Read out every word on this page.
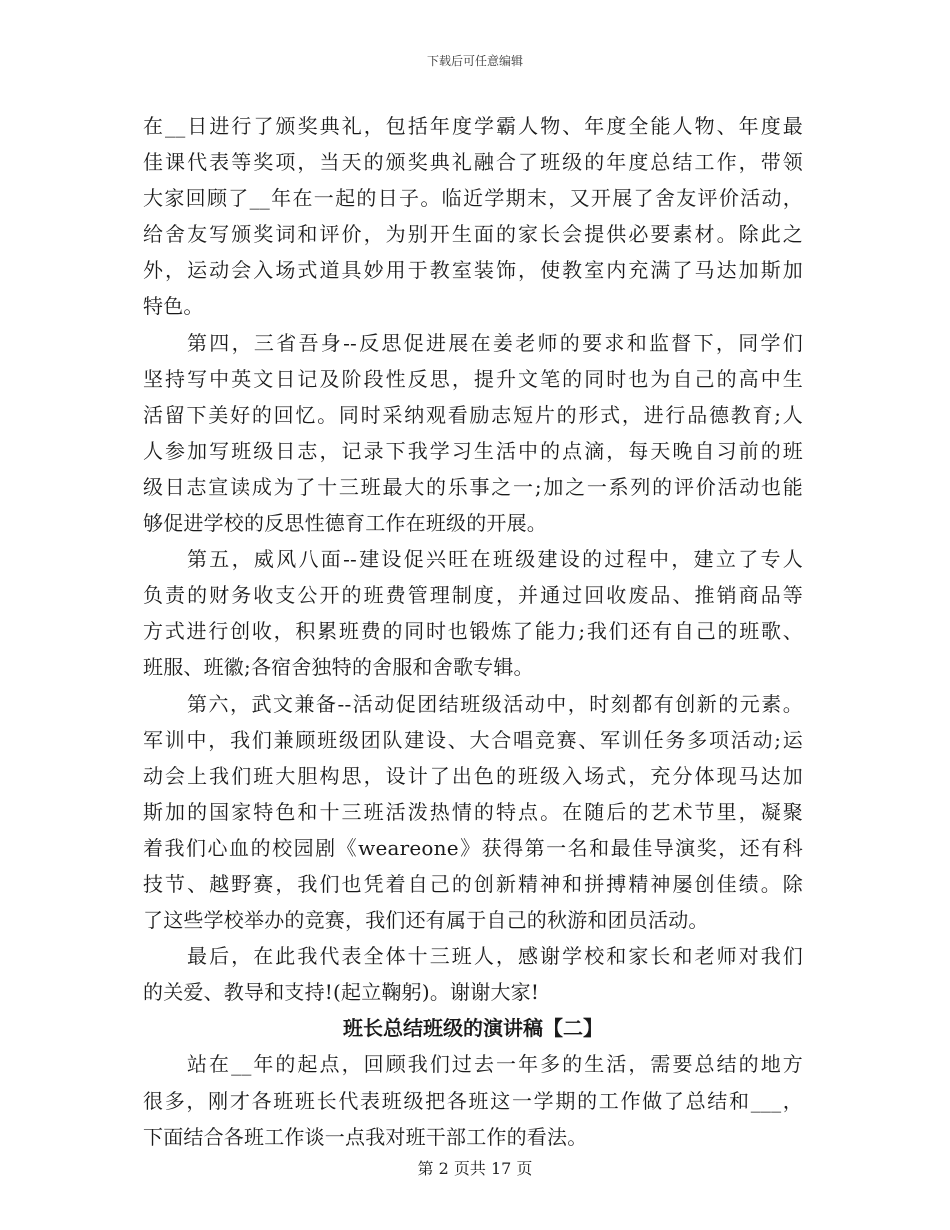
下载后可任意编辑
在__日进行了颁奖典礼，包括年度学霸人物、年度全能人物、年度最
佳课代表等奖项，当天的颁奖典礼融合了班级的年度总结工作，带领
大家回顾了__年在一起的日子。临近学期末，又开展了舍友评价活动，
给舍友写颁奖词和评价，为别开生面的家长会提供必要素材。除此之
外，运动会入场式道具妙用于教室装饰，使教室内充满了马达加斯加
特色。
第四，三省吾身--反思促进展在姜老师的要求和监督下，同学们
坚持写中英文日记及阶段性反思，提升文笔的同时也为自己的高中生
活留下美好的回忆。同时采纳观看励志短片的形式，进行品德教育;人
人参加写班级日志，记录下我学习生活中的点滴，每天晚自习前的班
级日志宣读成为了十三班最大的乐事之一;加之一系列的评价活动也能
够促进学校的反思性德育工作在班级的开展。
第五，威风八面--建设促兴旺在班级建设的过程中，建立了专人
负责的财务收支公开的班费管理制度，并通过回收废品、推销商品等
方式进行创收，积累班费的同时也锻炼了能力;我们还有自己的班歌、
班服、班徽;各宿舍独特的舍服和舍歌专辑。
第六，武文兼备--活动促团结班级活动中，时刻都有创新的元素。
军训中，我们兼顾班级团队建设、大合唱竞赛、军训任务多项活动;运
动会上我们班大胆构思，设计了出色的班级入场式，充分体现马达加
斯加的国家特色和十三班活泼热情的特点。在随后的艺术节里，凝聚
着我们心血的校园剧《weareone》获得第一名和最佳导演奖，还有科
技节、越野赛，我们也凭着自己的创新精神和拼搏精神屡创佳绩。除
了这些学校举办的竞赛，我们还有属于自己的秋游和团员活动。
最后，在此我代表全体十三班人，感谢学校和家长和老师对我们
的关爱、教导和支持!(起立鞠躬)。谢谢大家!
班长总结班级的演讲稿【二】
站在__年的起点，回顾我们过去一年多的生活，需要总结的地方
很多，刚才各班班长代表班级把各班这一学期的工作做了总结和___，
下面结合各班工作谈一点我对班干部工作的看法。
第 2 页共 17 页
